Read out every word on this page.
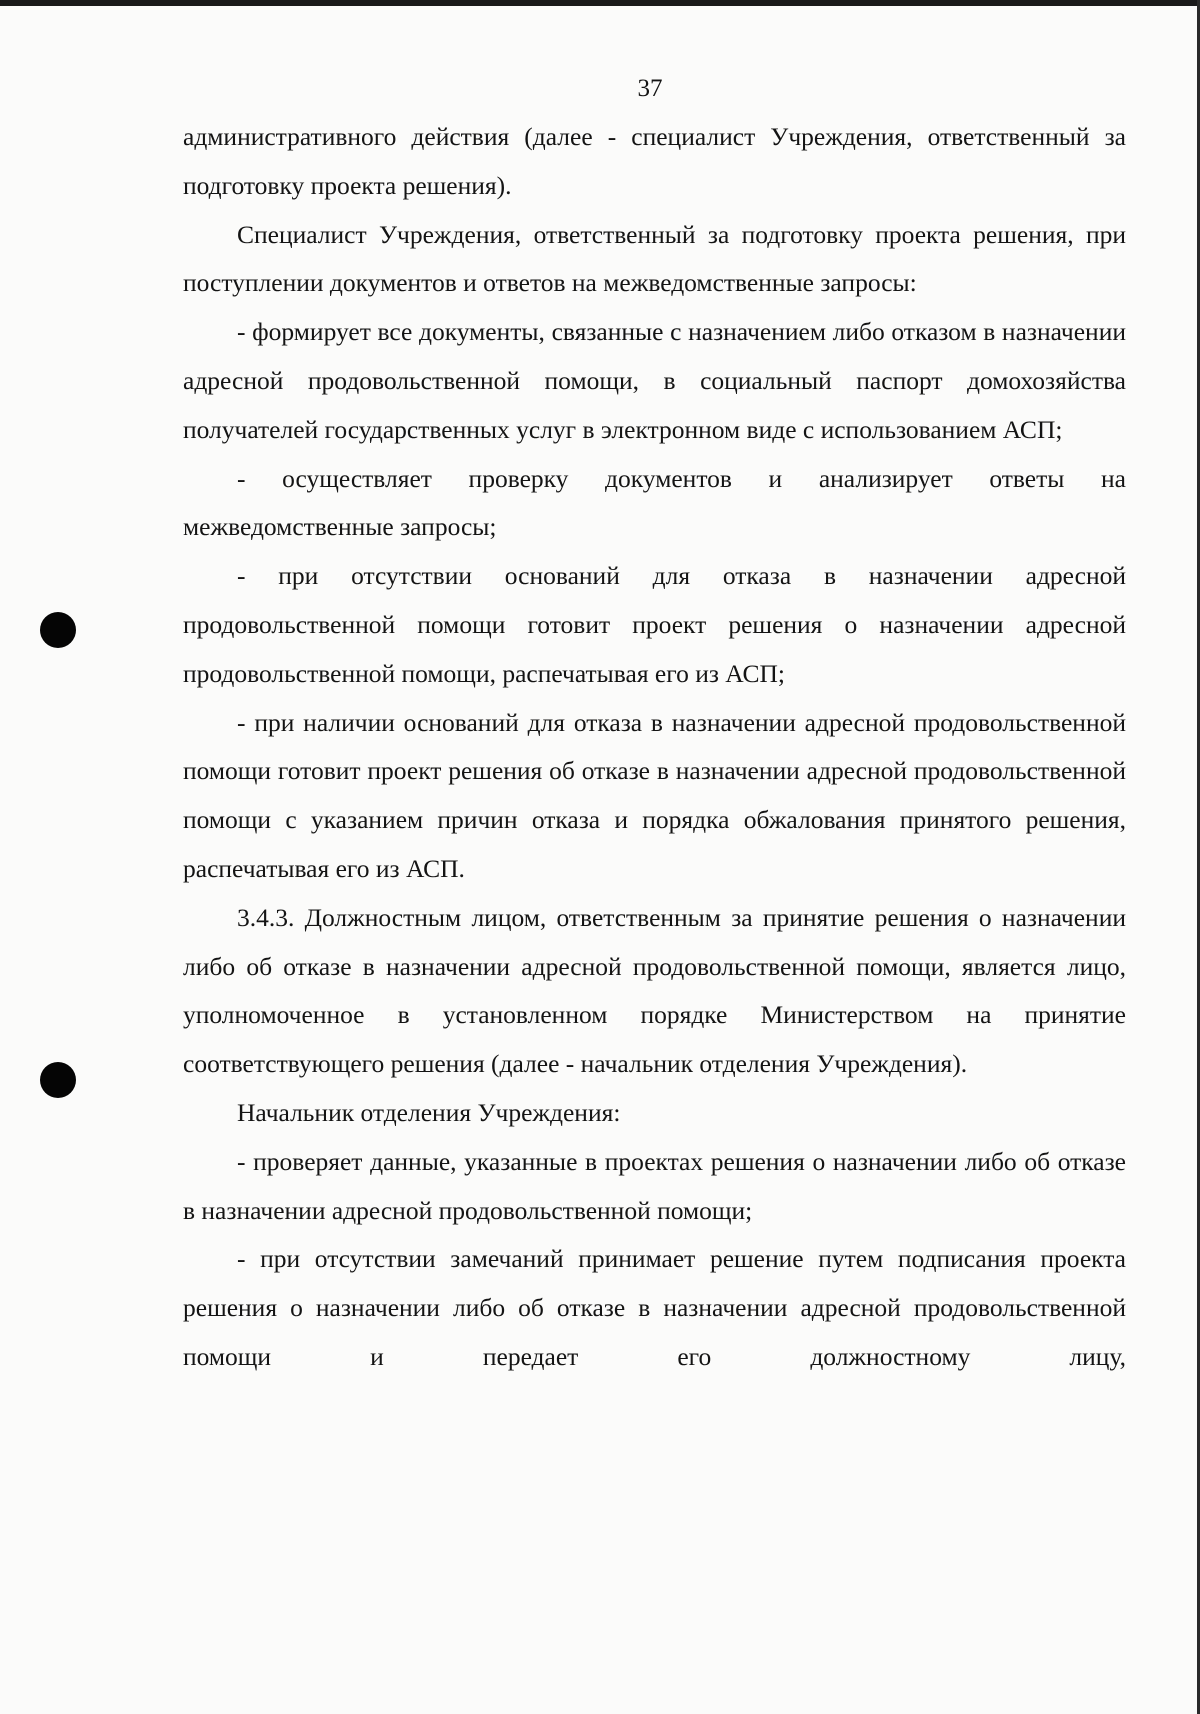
37

административного действия (далее - специалист Учреждения, ответственный за подготовку проекта решения).

Специалист Учреждения, ответственный за подготовку проекта решения, при поступлении документов и ответов на межведомственные запросы:

- формирует все документы, связанные с назначением либо отказом в назначении адресной продовольственной помощи, в социальный паспорт домохозяйства получателей государственных услуг в электронном виде с использованием АСП;

- осуществляет проверку документов и анализирует ответы на межведомственные запросы;

- при отсутствии оснований для отказа в назначении адресной продовольственной помощи готовит проект решения о назначении адресной продовольственной помощи, распечатывая его из АСП;

- при наличии оснований для отказа в назначении адресной продовольственной помощи готовит проект решения об отказе в назначении адресной продовольственной помощи с указанием причин отказа и порядка обжалования принятого решения, распечатывая его из АСП.

3.4.3. Должностным лицом, ответственным за принятие решения о назначении либо об отказе в назначении адресной продовольственной помощи, является лицо, уполномоченное в установленном порядке Министерством на принятие соответствующего решения (далее - начальник отделения Учреждения).

Начальник отделения Учреждения:

- проверяет данные, указанные в проектах решения о назначении либо об отказе в назначении адресной продовольственной помощи;

- при отсутствии замечаний принимает решение путем подписания проекта решения о назначении либо об отказе в назначении адресной продовольственной помощи и передает его должностному лицу,
